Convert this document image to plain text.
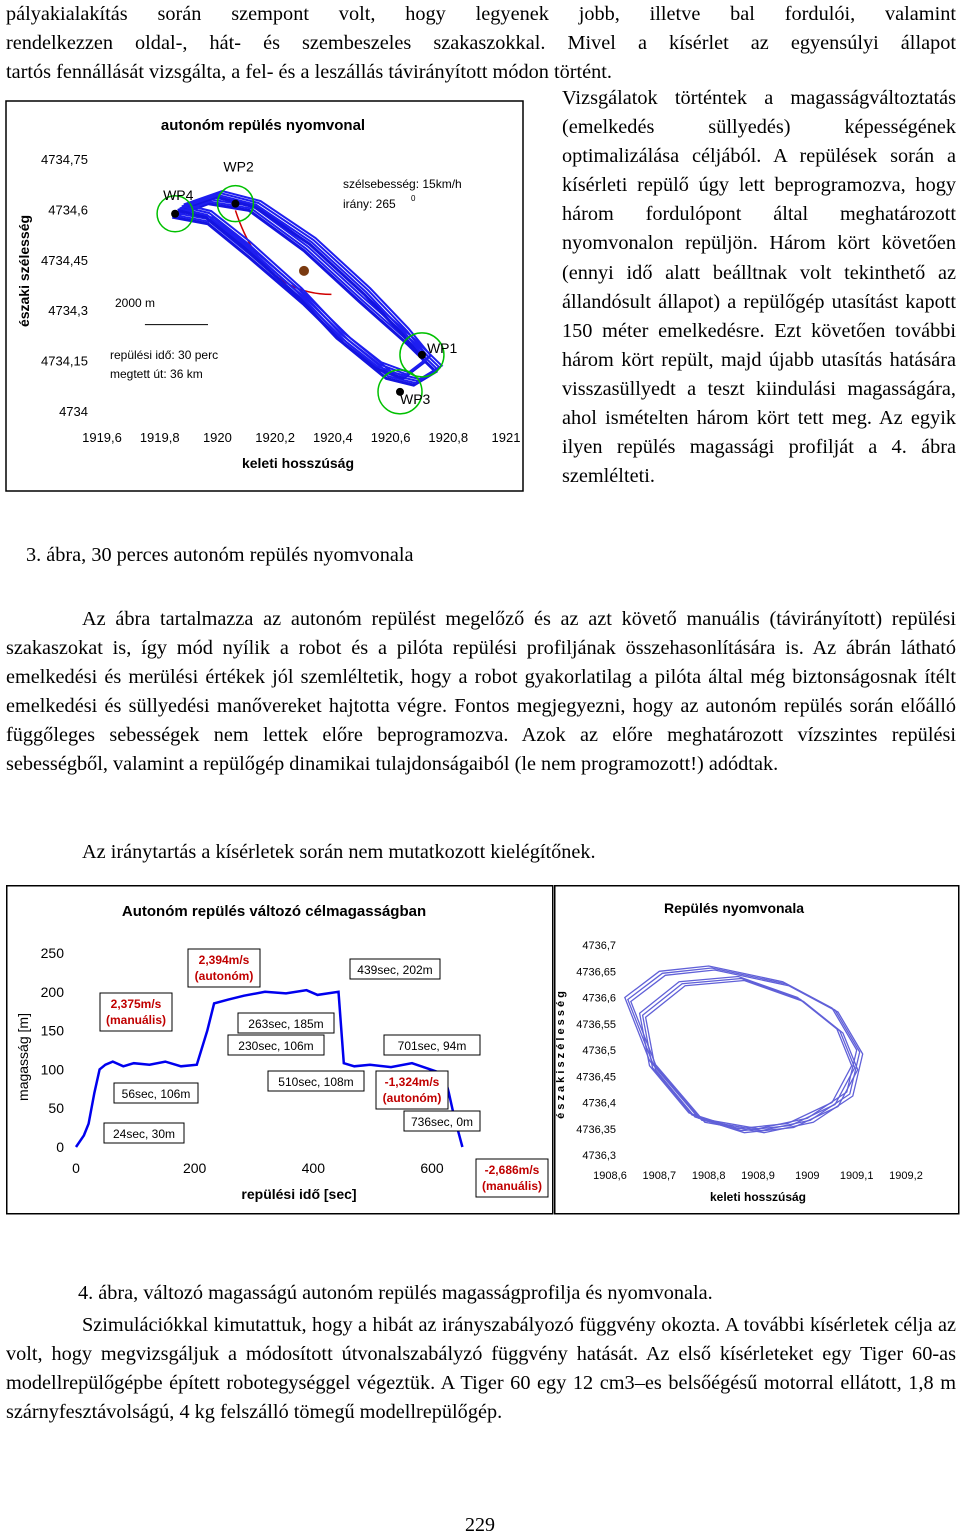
pályakialakítás során szempont volt, hogy legyenek jobb, illetve bal fordulói, valamint

rendelkezzen oldal-, hát- és szembeszeles szakaszokkal. Mivel a kísérlet az egyensúlyi állapot

tartós fennállását vizsgálta, a fel- és a leszállás távirányított módon történt.

autonóm repülés nyomvonal
4734
4734,15
4734,3
4734,45
4734,6
4734,75
1919,6 1919,8 1920 1920,2 1920,4 1920,6 1920,8 1921
északi szélesség
keleti hosszúság
WP4
WP2
WP1
WP3
szélsebesség: 15km/h
irány: 265 0
2000 m
repülési idő: 30 perc
megtett út: 36 km

3. ábra, 30 perces autonóm repülés nyomvonala

Vizsgálatok történtek a magasságváltoztatás (emelkedés süllyedés) képességének optimalizálása céljából. A repülések során a kísérleti repülő úgy lett beprogramozva, hogy három fordulópont által meghatározott nyomvonalon repüljön. Három kört követően (ennyi idő alatt beálltnak volt tekinthető az állandósult állapot) a repülőgép utasítást kapott 150 méter emelkedésre. Ezt követően további három kört repült, majd újabb utasítás hatására visszasüllyedt a teszt kiindulási magasságára, ahol ismételten három kört tett meg. Az egyik ilyen repülés magassági profilját a 4. ábra szemlélteti.

Az ábra tartalmazza az autonóm repülést megelőző és az azt követő manuális (távirányított) repülési szakaszokat is, így mód nyílik a robot és a pilóta repülési profiljának összehasonlítására is. Az ábrán látható emelkedési és merülési értékek jól szemléltetik, hogy a robot gyakorlatilag a pilóta által még biztonságosnak ítélt emelkedési és süllyedési manővereket hajtotta végre. Fontos megjegyezni, hogy az autonóm repülés során előálló függőleges sebességek nem lettek előre beprogramozva. Azok az előre meghatározott vízszintes repülési sebességből, valamint a repülőgép dinamikai tulajdonságaiból (le nem programozott!) adódtak.

Az iránytartás a kísérletek során nem mutatkozott kielégítőnek.

Autonóm repülés változó célmagasságban
0
50
100
150
200
250
0	200	400	600
magasság [m]
repülési idő [sec]
2,394m/s (autonóm)	439sec, 202m
2,375m/s (manuális)	263sec, 185m
230sec, 106m	701sec, 94m
510sec, 108m	-1,324m/s (autonóm)
56sec, 106m
736sec, 0m
24sec, 30m
-2,686m/s (manuális)
Repülés nyomvonala
4736,3
4736,35
4736,4
4736,45
4736,5
4736,55
4736,6
4736,65
4736,7
1908,6 1908,7 1908,8 1908,9 1909 1909,1 1909,2
é s z a k i s z é l e s s é g
keleti hosszúság

4. ábra, változó magasságú autonóm repülés magasságprofilja és nyomvonala.

Szimulációkkal kimutattuk, hogy a hibát az irányszabályozó függvény okozta. A további kísérletek célja az volt, hogy megvizsgáljuk a módosított útvonalszabályzó függvény hatását. Az első kísérleteket egy Tiger 60-as modellrepülőgépbe épített robotegységgel végeztük. A Tiger 60 egy 12 cm3–es belsőégésű motorral ellátott, 1,8 m szárnyfesztávolságú, 4 kg felszálló tömegű modellrepülőgép.

229
